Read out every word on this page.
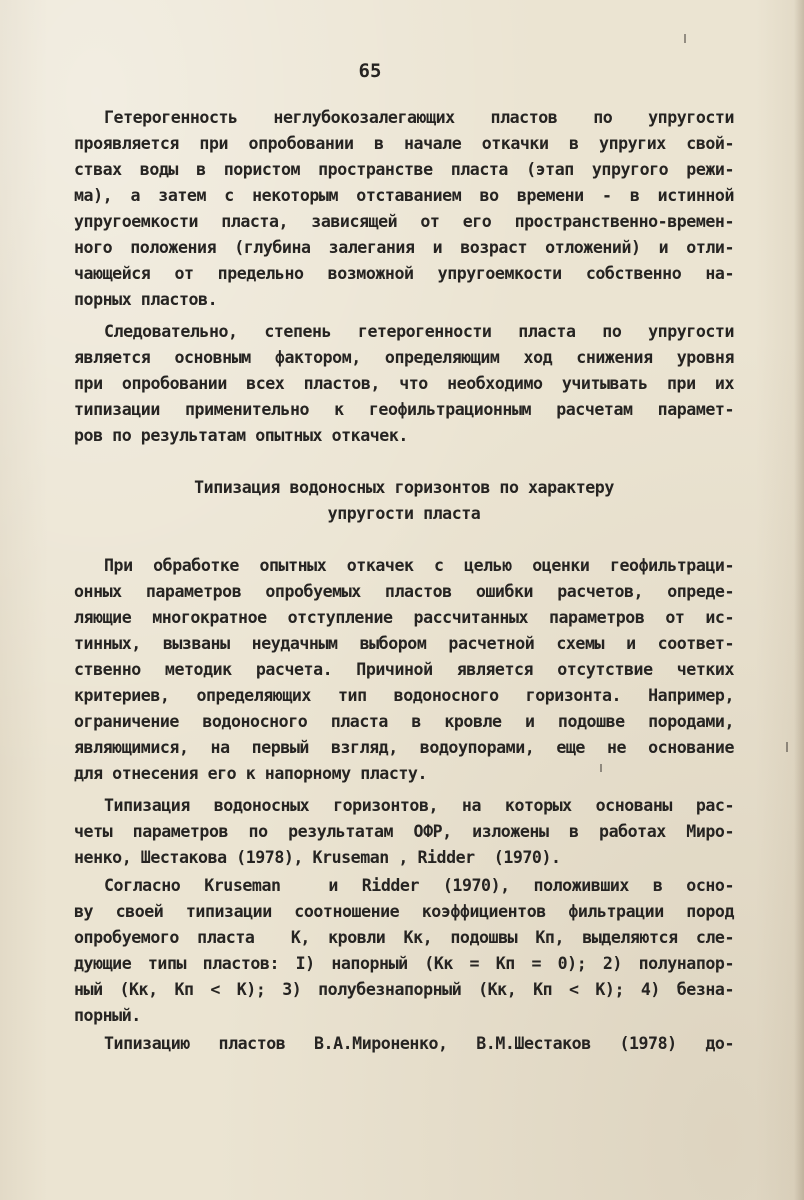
65

Гетерогенность неглубокозалегающих пластов по упругости

проявляется при опробовании в начале откачки в упругих свой-

ствах воды в пористом пространстве пласта (этап упругого режи-

ма), а затем с некоторым отставанием во времени - в истинной

упругоемкости пласта, зависящей от его пространственно-времен-

ного положения (глубина залегания и возраст отложений) и отли-

чающейся от предельно возможной упругоемкости собственно на-

порных пластов.

Следовательно, степень гетерогенности пласта по упругости

является основным фактором, определяющим ход снижения уровня

при опробовании всех пластов, что необходимо учитывать при их

типизации применительно к геофильтрационным расчетам парамет-

ров по результатам опытных откачек.

Типизация водоносных горизонтов по характеру

упругости пласта

При обработке опытных откачек с целью оценки геофильтраци-

онных параметров опробуемых пластов ошибки расчетов, опреде-

ляющие многократное отступление рассчитанных параметров от ис-

тинных, вызваны неудачным выбором расчетной схемы и соответ-

ственно методик расчета. Причиной является отсутствие четких

критериев, определяющих тип водоносного горизонта. Например,

ограничение водоносного пласта в кровле и подошве породами,

являющимися, на первый взгляд, водоупорами, еще не основание

для отнесения его к напорному пласту.

Типизация водоносных горизонтов, на которых основаны рас-

четы параметров по результатам ОФР, изложены в работах Миро-

ненко, Шестакова (1978), Kruseman , Ridder  (1970).

Согласно Kruseman  и Ridder (1970), положивших в осно-

ву своей типизации соотношение коэффициентов фильтрации пород

опробуемого пласта  К, кровли Кк, подошвы Кп, выделяются сле-

дующие типы пластов: I) напорный (Кк = Кп = 0); 2) полунапор-

ный (Кк, Кп < К); 3) полубезнапорный (Кк, Кп < К); 4) безна-

порный.

Типизацию пластов В.А.Мироненко, В.М.Шестаков (1978) до-
